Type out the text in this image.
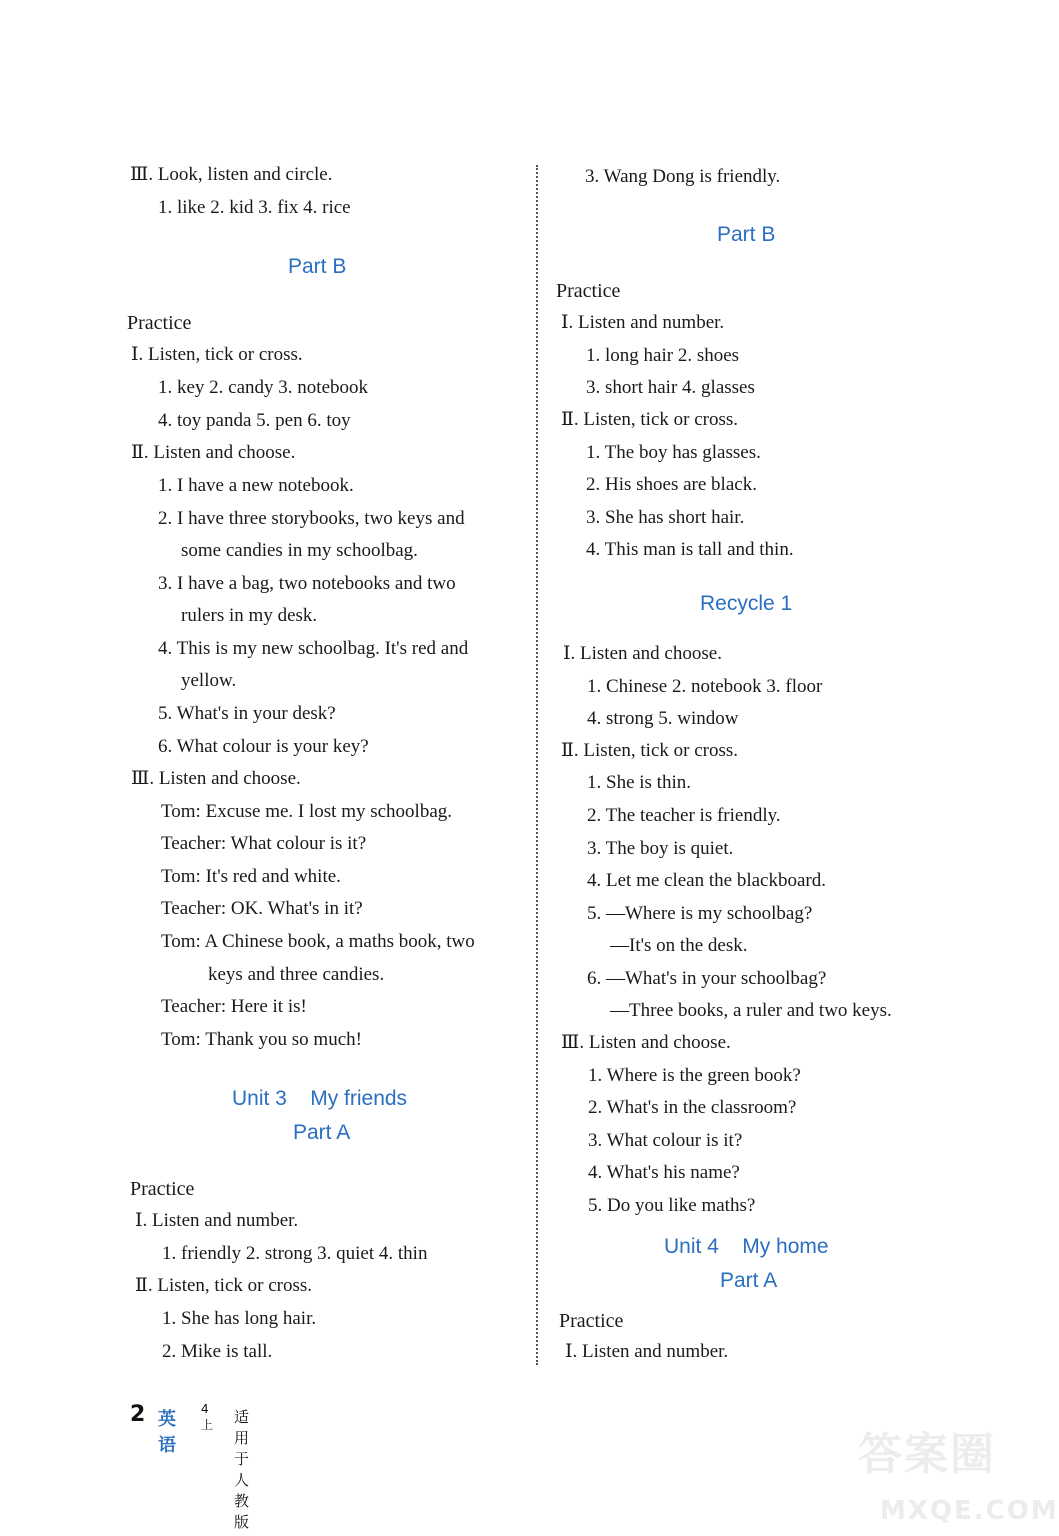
Ⅲ. Look, listen and circle.
1. like 2. kid 3. fix 4. rice
Part B
Practice
Ⅰ. Listen, tick or cross.
1. key 2. candy 3. notebook
4. toy panda 5. pen 6. toy
Ⅱ. Listen and choose.
1. I have a new notebook.
2. I have three storybooks, two keys and
some candies in my schoolbag.
3. I have a bag, two notebooks and two
rulers in my desk.
4. This is my new schoolbag. It's red and
yellow.
5. What's in your desk?
6. What colour is your key?
Ⅲ. Listen and choose.
Tom: Excuse me. I lost my schoolbag.
Teacher: What colour is it?
Tom: It's red and white.
Teacher: OK. What's in it?
Tom: A Chinese book, a maths book, two
keys and three candies.
Teacher: Here it is!
Tom: Thank you so much!
Unit 3    My friends
Part A
Practice
Ⅰ. Listen and number.
1. friendly 2. strong 3. quiet 4. thin
Ⅱ. Listen, tick or cross.
1. She has long hair.
2. Mike is tall.
3. Wang Dong is friendly.
Part B
Practice
Ⅰ. Listen and number.
1. long hair 2. shoes
3. short hair 4. glasses
Ⅱ. Listen, tick or cross.
1. The boy has glasses.
2. His shoes are black.
3. She has short hair.
4. This man is tall and thin.
Recycle 1
Ⅰ. Listen and choose.
1. Chinese 2. notebook 3. floor
4. strong 5. window
Ⅱ. Listen, tick or cross.
1. She is thin.
2. The teacher is friendly.
3. The boy is quiet.
4. Let me clean the blackboard.
5. —Where is my schoolbag?
—It's on the desk.
6. —What's in your schoolbag?
—Three books, a ruler and two keys.
Ⅲ. Listen and choose.
1. Where is the green book?
2. What's in the classroom?
3. What colour is it?
4. What's his name?
5. Do you like maths?
Unit 4    My home
Part A
Practice
Ⅰ. Listen and number.
2 英语
4上 适用于人教版
答案圈
MXQE.COM
